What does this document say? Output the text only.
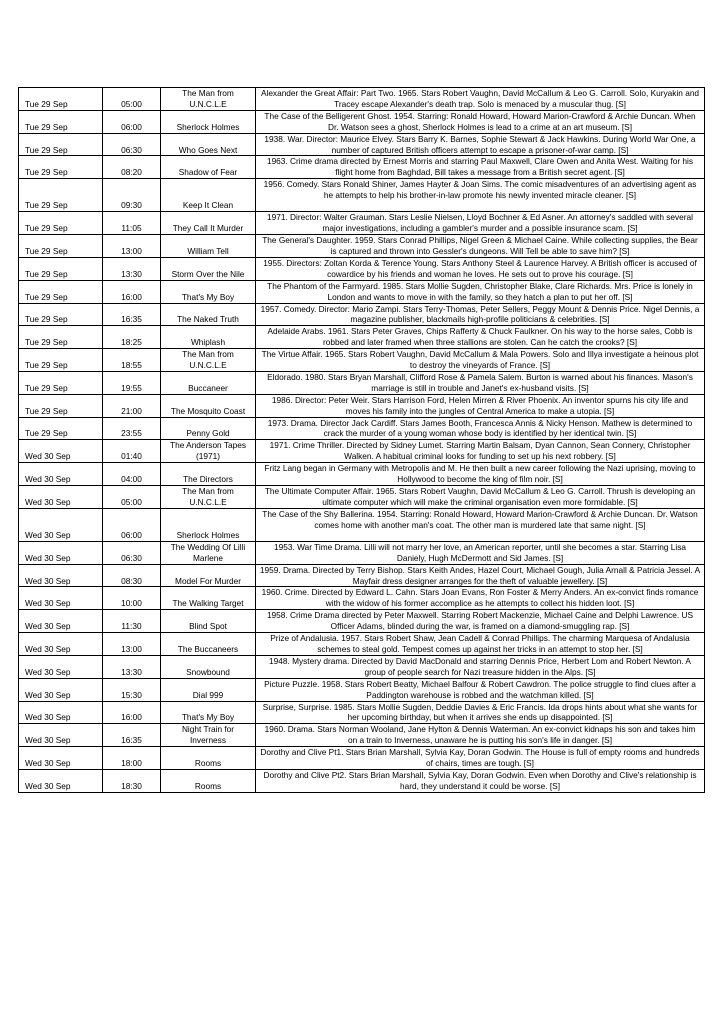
Tue 29 Sep	05:00	The Man from U.N.C.L.E	Alexander the Great Affair: Part Two. 1965. Stars Robert Vaughn, David McCallum & Leo G. Carroll. Solo, Kuryakin and Tracey escape Alexander's death trap. Solo is menaced by a muscular thug. [S]
Tue 29 Sep	06:00	Sherlock Holmes	The Case of the Belligerent Ghost. 1954. Starring: Ronald Howard, Howard Marion-Crawford & Archie Duncan. When Dr. Watson sees a ghost, Sherlock Holmes is lead to a crime at an art museum. [S]
Tue 29 Sep	06:30	Who Goes Next	1938. War. Director: Maurice Elvey. Stars Barry K. Barnes, Sophie Stewart & Jack Hawkins. During World War One, a number of captured British officers attempt to escape a prisoner-of-war camp. [S]
Tue 29 Sep	08:20	Shadow of Fear	1963. Crime drama directed by Ernest Morris and starring Paul Maxwell, Clare Owen and Anita West. Waiting for his flight home from Baghdad, Bill takes a message from a British secret agent. [S]
Tue 29 Sep	09:30	Keep It Clean	1956. Comedy. Stars Ronald Shiner, James Hayter & Joan Sims. The comic misadventures of an advertising agent as he attempts to help his brother-in-law promote his newly invented miracle cleaner. [S]
Tue 29 Sep	11:05	They Call It Murder	1971. Director: Walter Grauman. Stars Leslie Nielsen, Lloyd Bochner & Ed Asner. An attorney's saddled with several major investigations, including a gambler's murder and a possible insurance scam. [S]
Tue 29 Sep	13:00	William Tell	The General's Daughter. 1959. Stars Conrad Phillips, Nigel Green & Michael Caine. While collecting supplies, the Bear is captured and thrown into Gessler's dungeons. Will Tell be able to save him? [S]
Tue 29 Sep	13:30	Storm Over the Nile	1955. Directors: Zoltan Korda & Terence Young. Stars Anthony Steel & Laurence Harvey. A British officer is accused of cowardice by his friends and woman he loves. He sets out to prove his courage. [S]
Tue 29 Sep	16:00	That's My Boy	The Phantom of the Farmyard. 1985. Stars Mollie Sugden, Christopher Blake, Clare Richards. Mrs. Price is lonely in London and wants to move in with the family, so they hatch a plan to put her off. [S]
Tue 29 Sep	16:35	The Naked Truth	1957. Comedy. Director: Mario Zampi. Stars Terry-Thomas, Peter Sellers, Peggy Mount & Dennis Price. Nigel Dennis, a magazine publisher, blackmails high-profile politicians & celebrities. [S]
Tue 29 Sep	18:25	Whiplash	Adelaide Arabs. 1961. Stars Peter Graves, Chips Rafferty & Chuck Faulkner. On his way to the horse sales, Cobb is robbed and later framed when three stallions are stolen. Can he catch the crooks? [S]
Tue 29 Sep	18:55	The Man from U.N.C.L.E	The Virtue Affair. 1965. Stars Robert Vaughn, David McCallum & Mala Powers. Solo and Illya investigate a heinous plot to destroy the vineyards of France. [S]
Tue 29 Sep	19:55	Buccaneer	Eldorado. 1980. Stars Bryan Marshall, Clifford Rose & Pamela Salem. Burton is warned about his finances. Mason's marriage is still in trouble and Janet's ex-husband visits. [S]
Tue 29 Sep	21:00	The Mosquito Coast	1986. Director: Peter Weir. Stars Harrison Ford, Helen Mirren & River Phoenix. An inventor spurns his city life and moves his family into the jungles of Central America to make a utopia. [S]
Tue 29 Sep	23:55	Penny Gold	1973. Drama. Director Jack Cardiff. Stars James Booth, Francesca Annis & Nicky Henson. Mathew is determined to crack the murder of a young woman whose body is identified by her identical twin. [S]
Wed 30 Sep	01:40	The Anderson Tapes (1971)	1971. Crime Thriller. Directed by Sidney Lumet. Starring Martin Balsam, Dyan Cannon, Sean Connery, Christopher Walken. A habitual criminal looks for funding to set up his next robbery. [S]
Wed 30 Sep	04:00	The Directors	Fritz Lang began in Germany with Metropolis and M. He then built a new career following the Nazi uprising, moving to Hollywood to become the king of film noir. [S]
Wed 30 Sep	05:00	The Man from U.N.C.L.E	The Ultimate Computer Affair. 1965. Stars Robert Vaughn, David McCallum & Leo G. Carroll. Thrush is developing an ultimate computer which will make the criminal organisation even more formidable. [S]
Wed 30 Sep	06:00	Sherlock Holmes	The Case of the Shy Ballerina. 1954. Starring: Ronald Howard, Howard Marion-Crawford & Archie Duncan. Dr. Watson comes home with another man's coat. The other man is murdered late that same night. [S]
Wed 30 Sep	06:30	The Wedding Of Lilli Marlene	1953. War Time Drama. Lilli will not marry her love, an American reporter, until she becomes a star. Starring Lisa Daniely, Hugh McDermott and Sid James. [S]
Wed 30 Sep	08:30	Model For Murder	1959. Drama. Directed by Terry Bishop. Stars Keith Andes, Hazel Court, Michael Gough, Julia Arnall & Patricia Jessel. A Mayfair dress designer arranges for the theft of valuable jewellery. [S]
Wed 30 Sep	10:00	The Walking Target	1960. Crime. Directed by Edward L. Cahn. Stars Joan Evans, Ron Foster & Merry Anders. An ex-convict finds romance with the widow of his former accomplice as he attempts to collect his hidden loot. [S]
Wed 30 Sep	11:30	Blind Spot	1958. Crime Drama directed by Peter Maxwell. Starring Robert Mackenzie, Michael Caine and Delphi Lawrence. US Officer Adams, blinded during the war, is framed on a diamond-smuggling rap. [S]
Wed 30 Sep	13:00	The Buccaneers	Prize of Andalusia. 1957. Stars Robert Shaw, Jean Cadell & Conrad Phillips. The charming Marquesa of Andalusia schemes to steal gold. Tempest comes up against her tricks in an attempt to stop her. [S]
Wed 30 Sep	13:30	Snowbound	1948. Mystery drama. Directed by David MacDonald and starring Dennis Price, Herbert Lom and Robert Newton. A group of people search for Nazi treasure hidden in the Alps. [S]
Wed 30 Sep	15:30	Dial 999	Picture Puzzle. 1958. Stars Robert Beatty, Michael Balfour & Robert Cawdron. The police struggle to find clues after a Paddington warehouse is robbed and the watchman killed. [S]
Wed 30 Sep	16:00	That's My Boy	Surprise, Surprise. 1985. Stars Mollie Sugden, Deddie Davies & Eric Francis. Ida drops hints about what she wants for her upcoming birthday, but when it arrives she ends up disappointed. [S]
Wed 30 Sep	16:35	Night Train for Inverness	1960. Drama. Stars Norman Wooland, Jane Hylton & Dennis Waterman. An ex-convict kidnaps his son and takes him on a train to Inverness, unaware he is putting his son's life in danger. [S]
Wed 30 Sep	18:00	Rooms	Dorothy and Clive Pt1. Stars Brian Marshall, Sylvia Kay, Doran Godwin. The House is full of empty rooms and hundreds of chairs, times are tough. [S]
Wed 30 Sep	18:30	Rooms	Dorothy and Clive Pt2. Stars Brian Marshall, Sylvia Kay, Doran Godwin. Even when Dorothy and Clive's relationship is hard, they understand it could be worse. [S]
